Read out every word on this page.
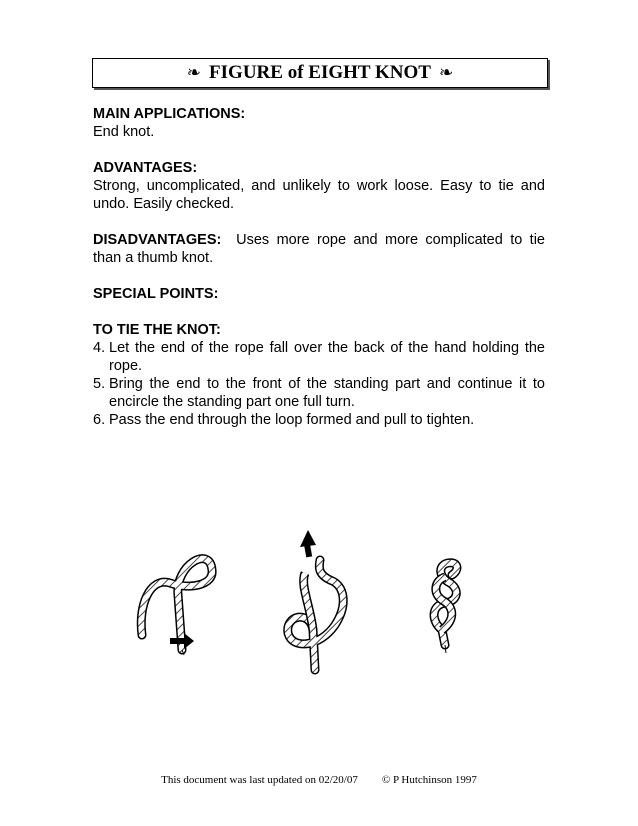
❧ FIGURE of EIGHT KNOT ❧
MAIN APPLICATIONS:
End knot.
ADVANTAGES:
Strong, uncomplicated, and unlikely to work loose. Easy to tie and undo. Easily checked.
DISADVANTAGES:  Uses more rope and more complicated to tie than a thumb knot.
SPECIAL POINTS:
TO TIE THE KNOT:
4. Let the end of the rope fall over the back of the hand holding the rope.
5. Bring the end to the front of the standing part and continue it to encircle the standing part one full turn.
6. Pass the end through the loop formed and pull to tighten.
This document was last updated on 02/20/07 © P Hutchinson 1997
